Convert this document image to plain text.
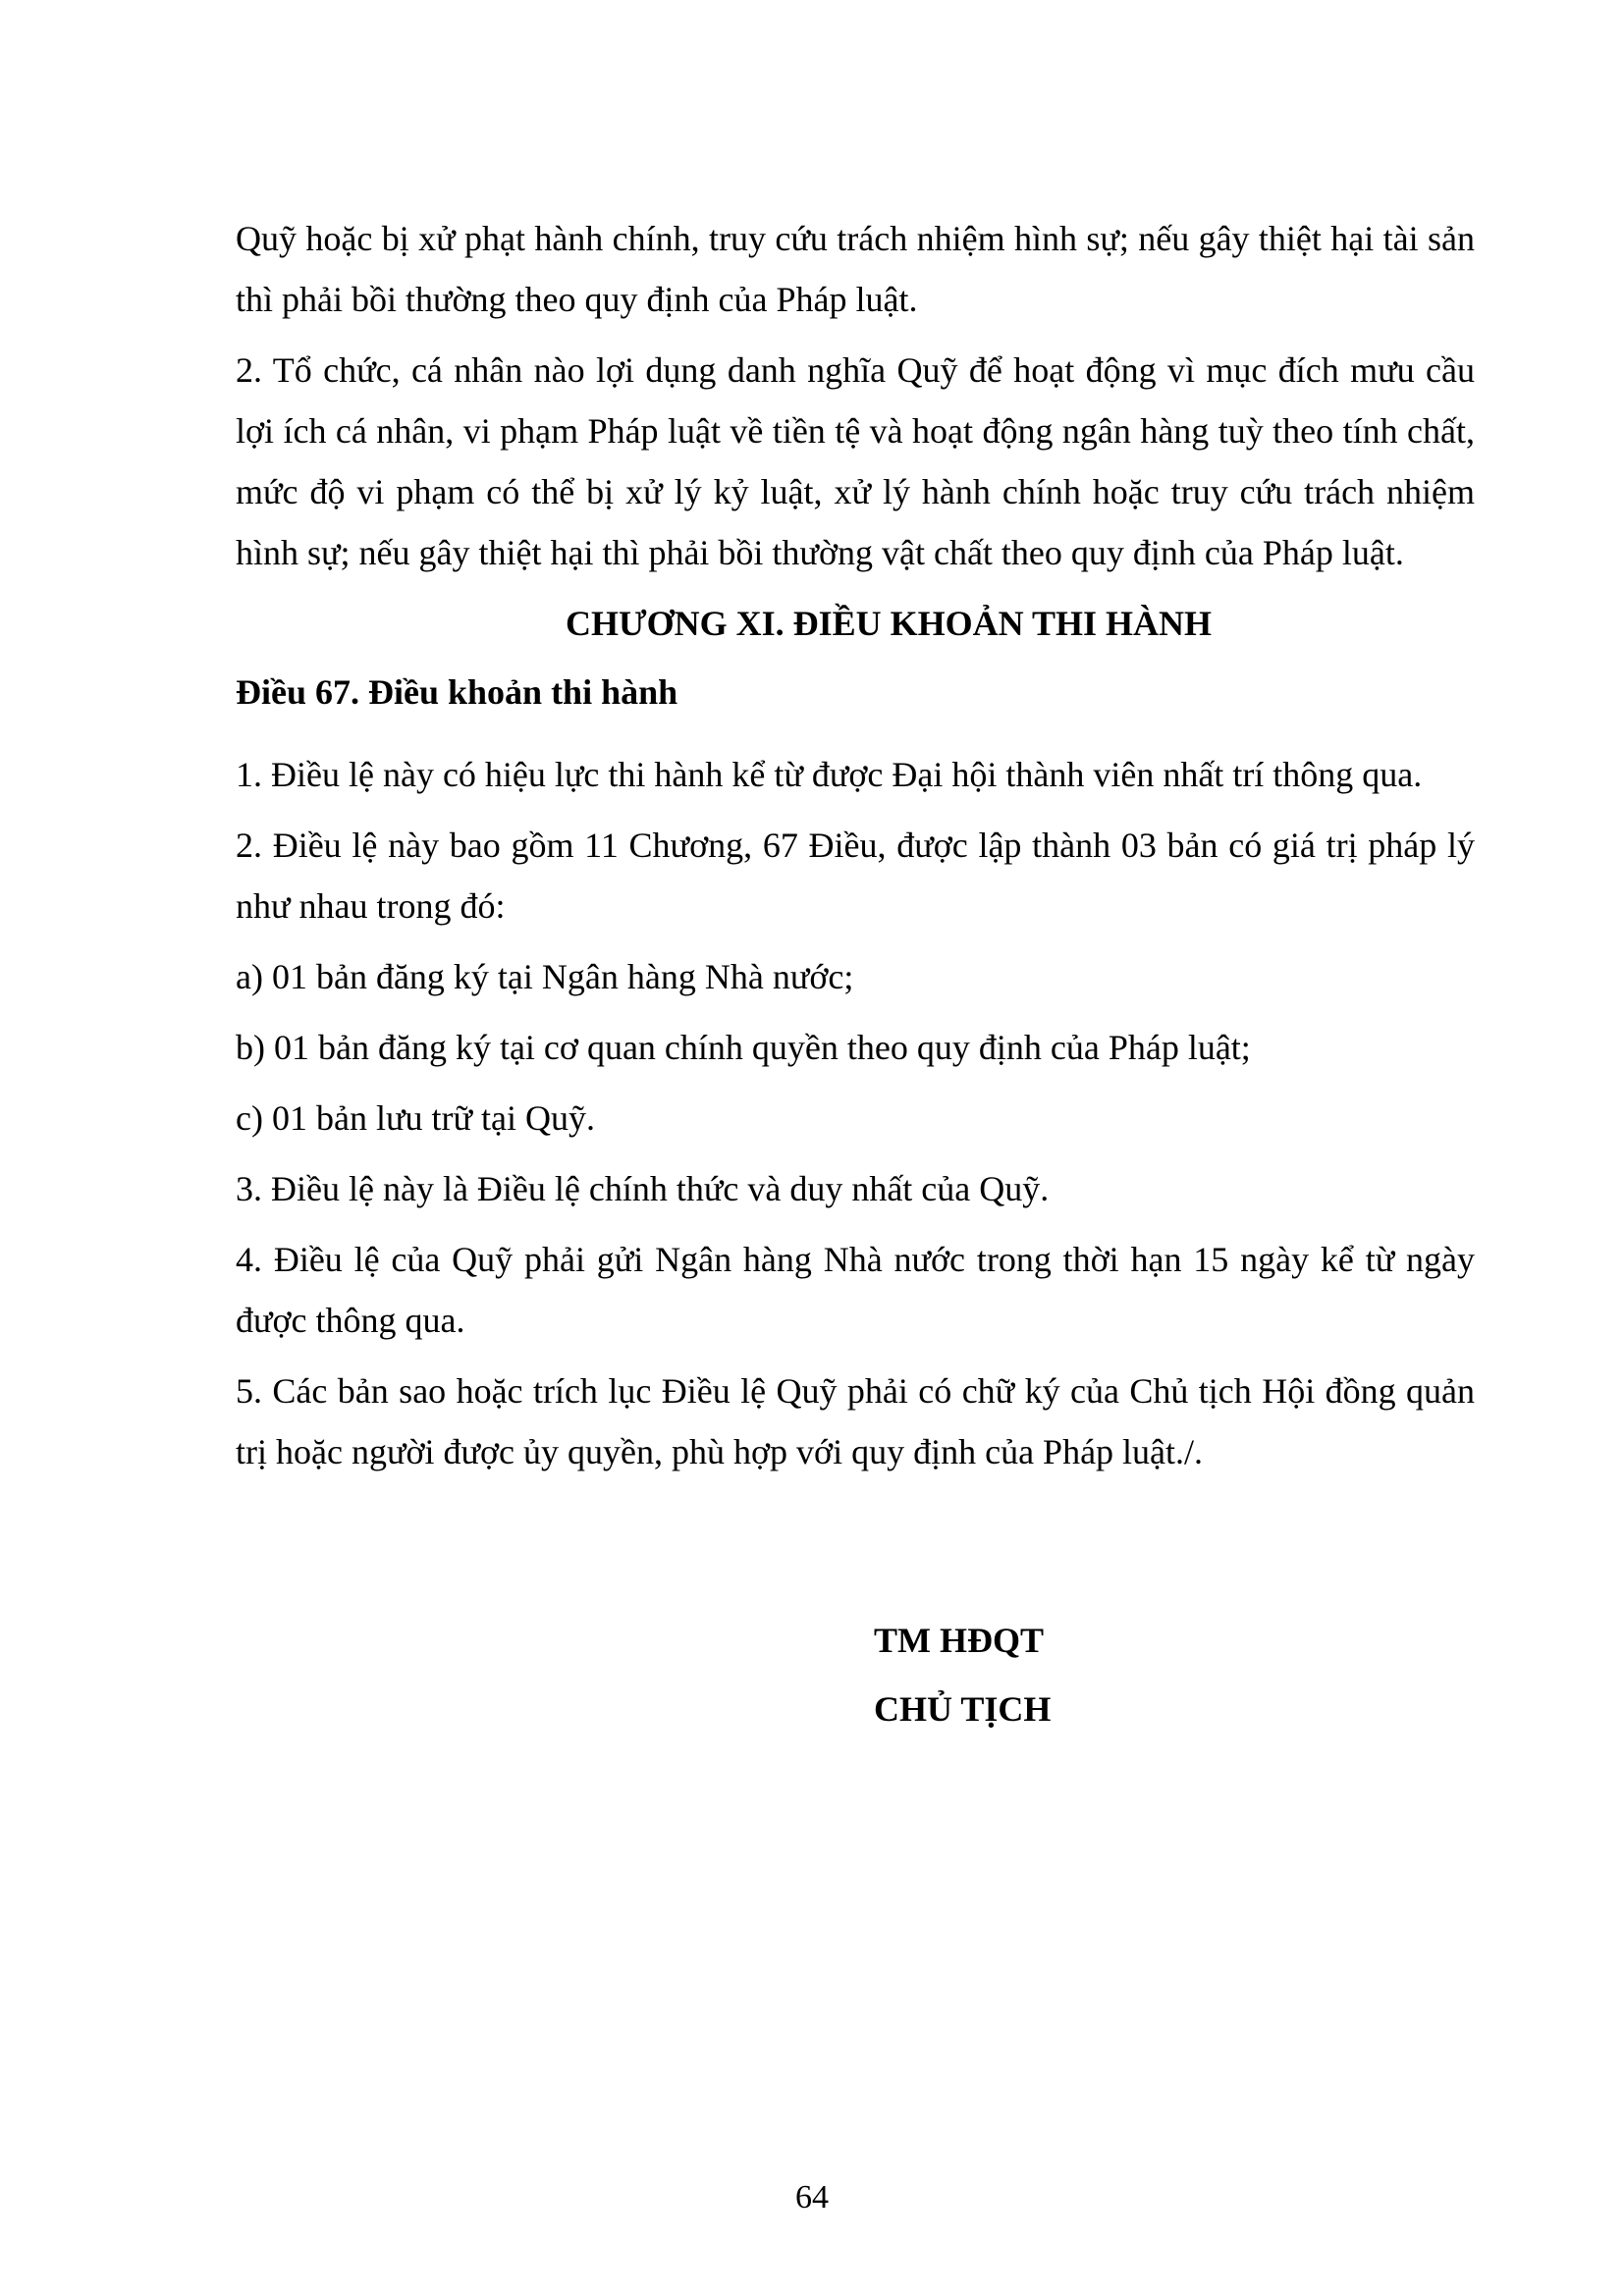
Quỹ hoặc bị xử phạt hành chính, truy cứu trách nhiệm hình sự; nếu gây thiệt hại tài sản thì phải bồi thường theo quy định của Pháp luật.

2. Tổ chức, cá nhân nào lợi dụng danh nghĩa Quỹ để hoạt động vì mục đích mưu cầu lợi ích cá nhân, vi phạm Pháp luật về tiền tệ và hoạt động ngân hàng tuỳ theo tính chất, mức độ vi phạm có thể bị xử lý kỷ luật, xử lý hành chính hoặc truy cứu trách nhiệm hình sự; nếu gây thiệt hại thì phải bồi thường vật chất theo quy định của Pháp luật.

CHƯƠNG XI. ĐIỀU KHOẢN THI HÀNH

Điều 67. Điều khoản thi hành

1. Điều lệ này có hiệu lực thi hành kể từ được Đại hội thành viên nhất trí thông qua.

2. Điều lệ này bao gồm 11 Chương, 67 Điều, được lập thành 03 bản có giá trị pháp lý như nhau trong đó:

a) 01 bản đăng ký tại Ngân hàng Nhà nước;

b) 01 bản đăng ký tại cơ quan chính quyền theo quy định của Pháp luật;

c) 01 bản lưu trữ tại Quỹ.

3. Điều lệ này là Điều lệ chính thức và duy nhất của Quỹ.

4. Điều lệ của Quỹ phải gửi Ngân hàng Nhà nước trong thời hạn 15 ngày kể từ ngày được thông qua.

5. Các bản sao hoặc trích lục Điều lệ Quỹ phải có chữ ký của Chủ tịch Hội đồng quản trị hoặc người được ủy quyền, phù hợp với quy định của Pháp luật./.

TM HĐQT
CHỦ TỊCH
64
